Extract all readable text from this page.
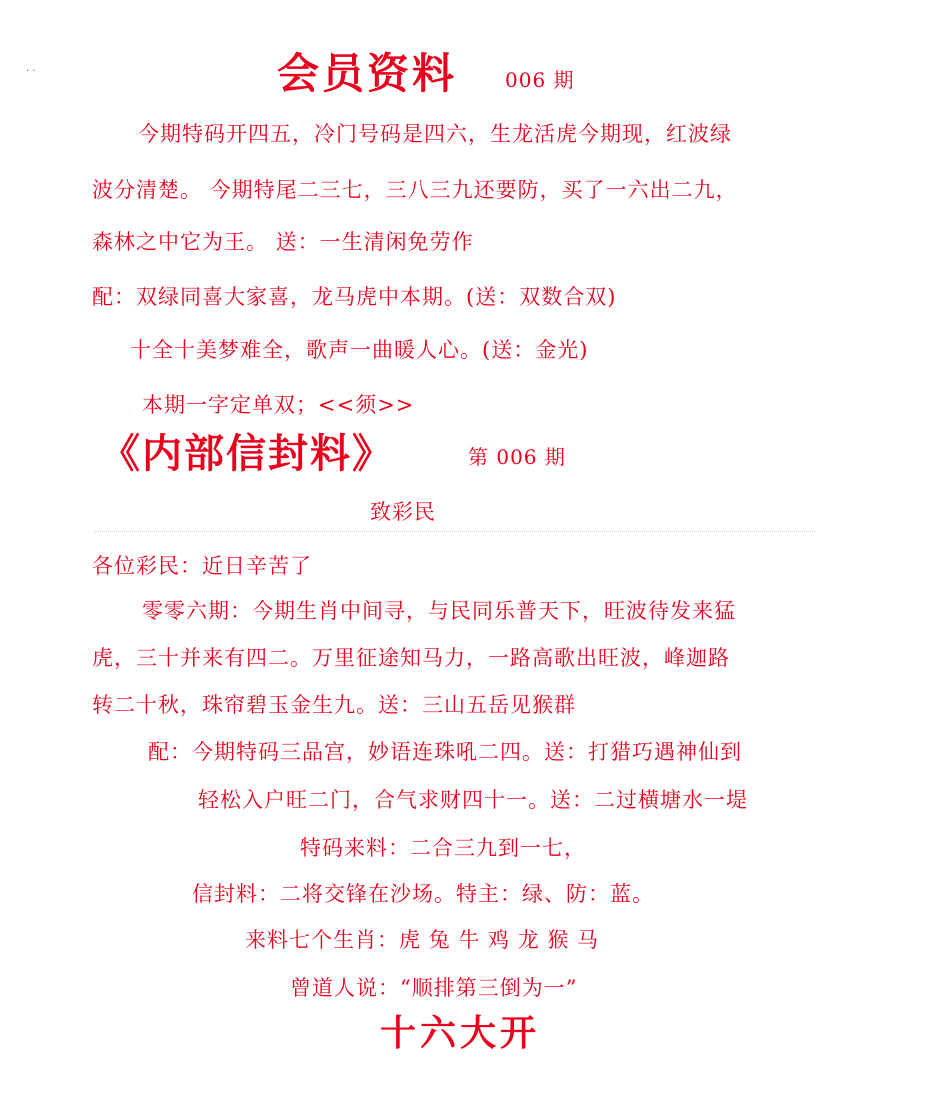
· ·	会员资料 006 期
今期特码开四五，冷门号码是四六，生龙活虎今期现，红波绿
波分清楚。 今期特尾二三七，三八三九还要防，买了一六出二九，
森林之中它为王。 送：一生清闲免劳作
配：双绿同喜大家喜，龙马虎中本期。(送：双数合双)
十全十美梦难全，歌声一曲暖人心。(送：金光)
本期一字定单双；<<须>>
《内部信封料》	第 006 期
致彩民
各位彩民：近日辛苦了
零零六期：今期生肖中间寻，与民同乐普天下，旺波待发来猛
虎，三十并来有四二。万里征途知马力，一路高歌出旺波，峰迦路
转二十秋，珠帘碧玉金生九。送：三山五岳见猴群
配：今期特码三品宫，妙语连珠吼二四。送：打猎巧遇神仙到
轻松入户旺二门，合气求财四十一。送：二过横塘水一堤
特码来料：二合三九到一七，
信封料：二将交锋在沙场。特主：绿、防：蓝。
来料七个生肖：虎 兔 牛 鸡 龙 猴 马
曾道人说：“顺排第三倒为一”
十六大开
